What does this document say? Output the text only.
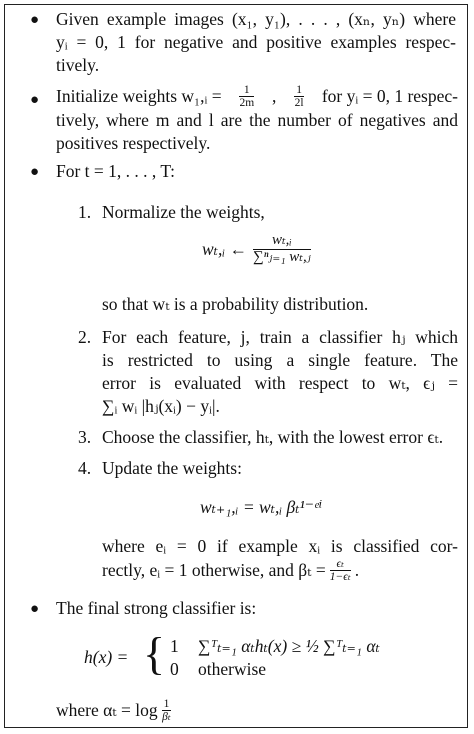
● Given example images (x₁, y₁), . . . , (xₙ, yₙ) where
yᵢ = 0, 1 for negative and positive examples respec-
tively.
● Initialize weights w₁,ᵢ = $\frac{1}{2m}$ , $\frac{1}{2l}$ for yᵢ = 0, 1 respec-
tively, where m and l are the number of negatives and
positives respectively.
● For t = 1, . . . , T:
1. Normalize the weights,
wₜ,ᵢ ← $\frac{\text{wₜ,ᵢ}}{\text{∑ⁿⱼ₌₁ wₜ,ⱼ}}$
so that wₜ is a probability distribution.
2. For each feature, j, train a classifier hⱼ which
is restricted to using a single feature. The
error is evaluated with respect to wₜ, ϵⱼ =
∑ᵢ wᵢ |hⱼ(xᵢ) − yᵢ|.
3. Choose the classifier, hₜ, with the lowest error ϵₜ.
4. Update the weights:
wₜ₊₁,ᵢ = wₜ,ᵢ βₜ¹⁻ᵉⁱ
where eᵢ = 0 if example xᵢ is classified cor-
rectly, eᵢ = 1 otherwise, and $\beta_t = \frac{\text{ϵₜ}}{\text{1−ϵₜ}}$ .
● The final strong classifier is:
h(x) = { 1 ∑ᵀₜ₌₁ αₜhₜ(x) ≥ ½ ∑ᵀₜ₌₁ αₜ
0 otherwise
where $\alpha_t = \log \frac{1}{\text{βₜ}}$
